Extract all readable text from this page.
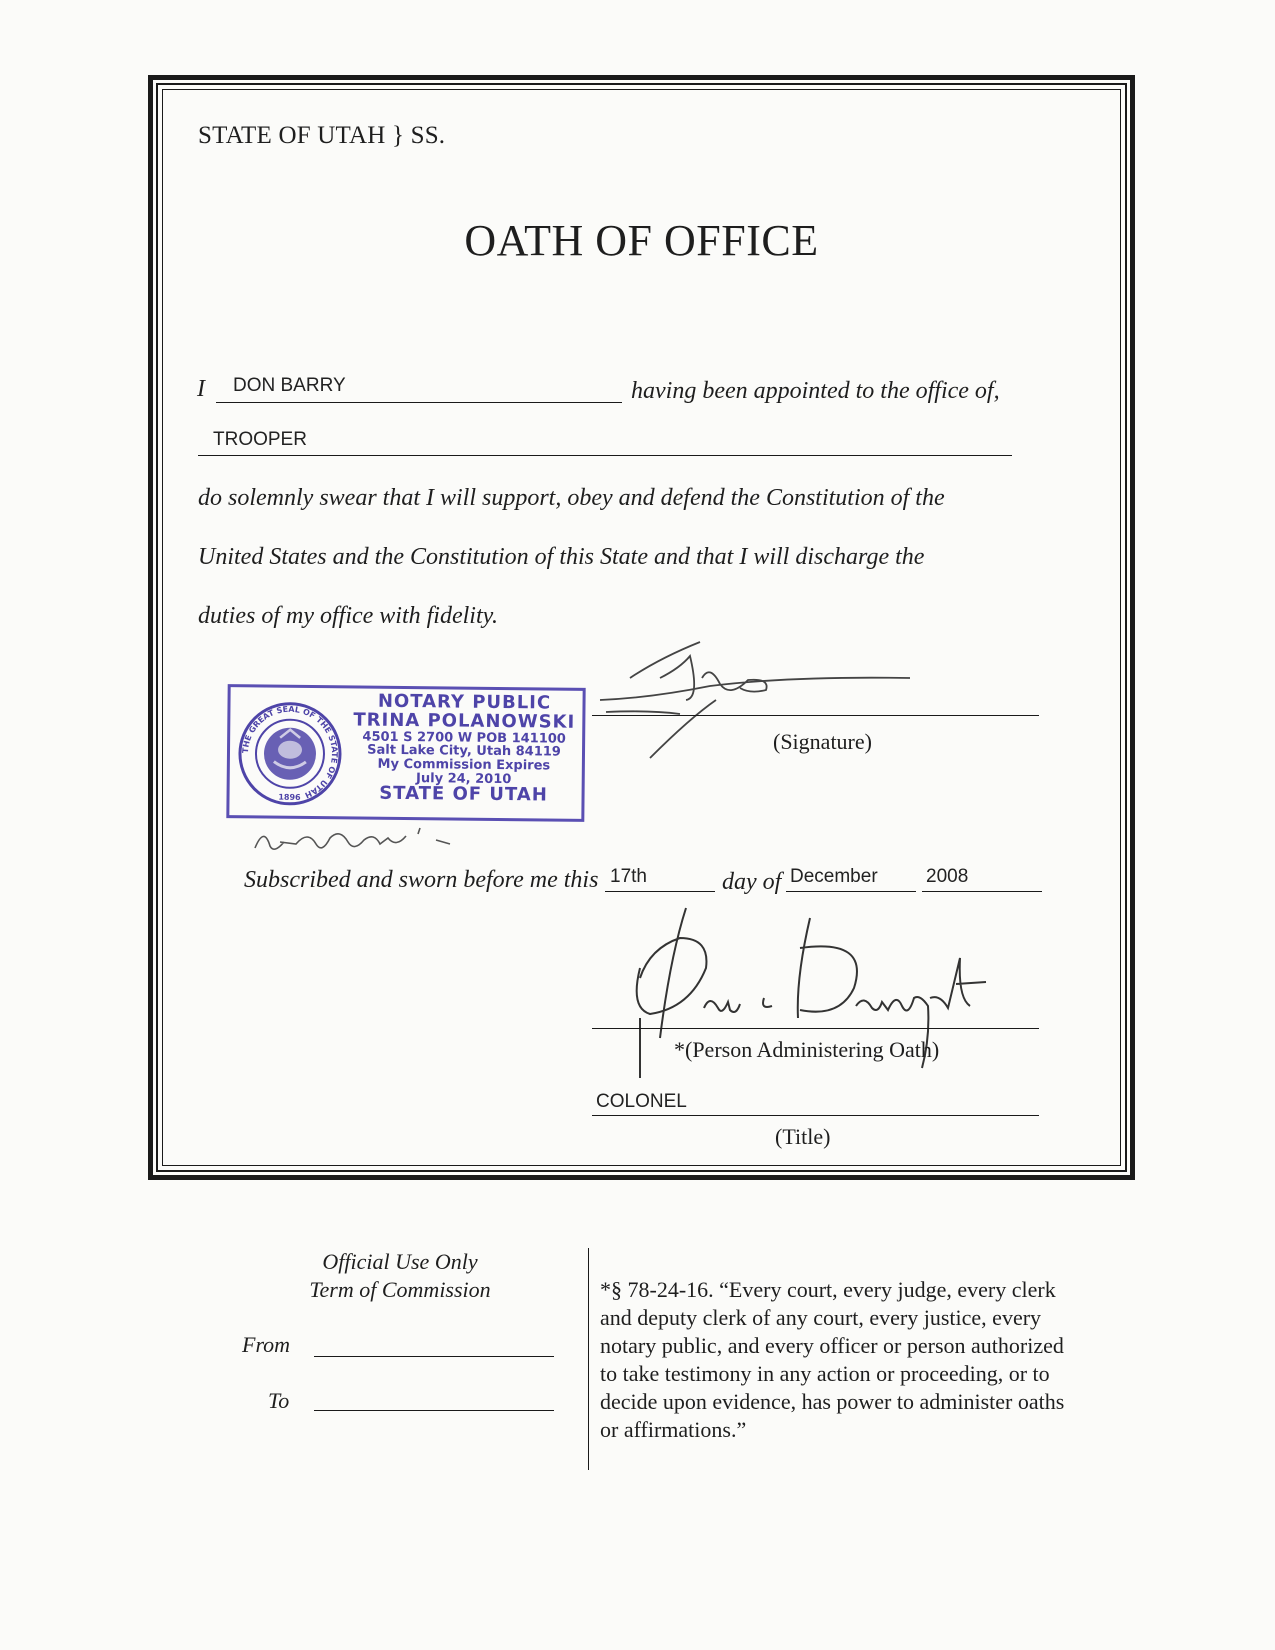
STATE OF UTAH } SS.
OATH OF OFFICE
I DON BARRY	having been appointed to the office of,
TROOPER
do solemnly swear that I will support, obey and defend the Constitution of the
United States and the Constitution of this State and that I will discharge the
duties of my office with fidelity.
THE GREAT SEAL OF THE STATE OF UTAH
1896
NOTARY PUBLIC
TRINA POLANOWSKI
4501 S 2700 W POB 141100
Salt Lake City, Utah 84119
My Commission Expires
July 24, 2010
STATE OF UTAH
(Signature)
Subscribed and sworn before me this 17th	day of December	2008
*(Person Administering Oath)
COLONEL
(Title)
Official Use Only
Term of Commission
From
To
*§ 78-24-16. “Every court, every judge, every clerk and deputy clerk of any court, every justice, every notary public, and every officer or person authorized to take testimony in any action or proceeding, or to decide upon evidence, has power to administer oaths or affirmations.”
